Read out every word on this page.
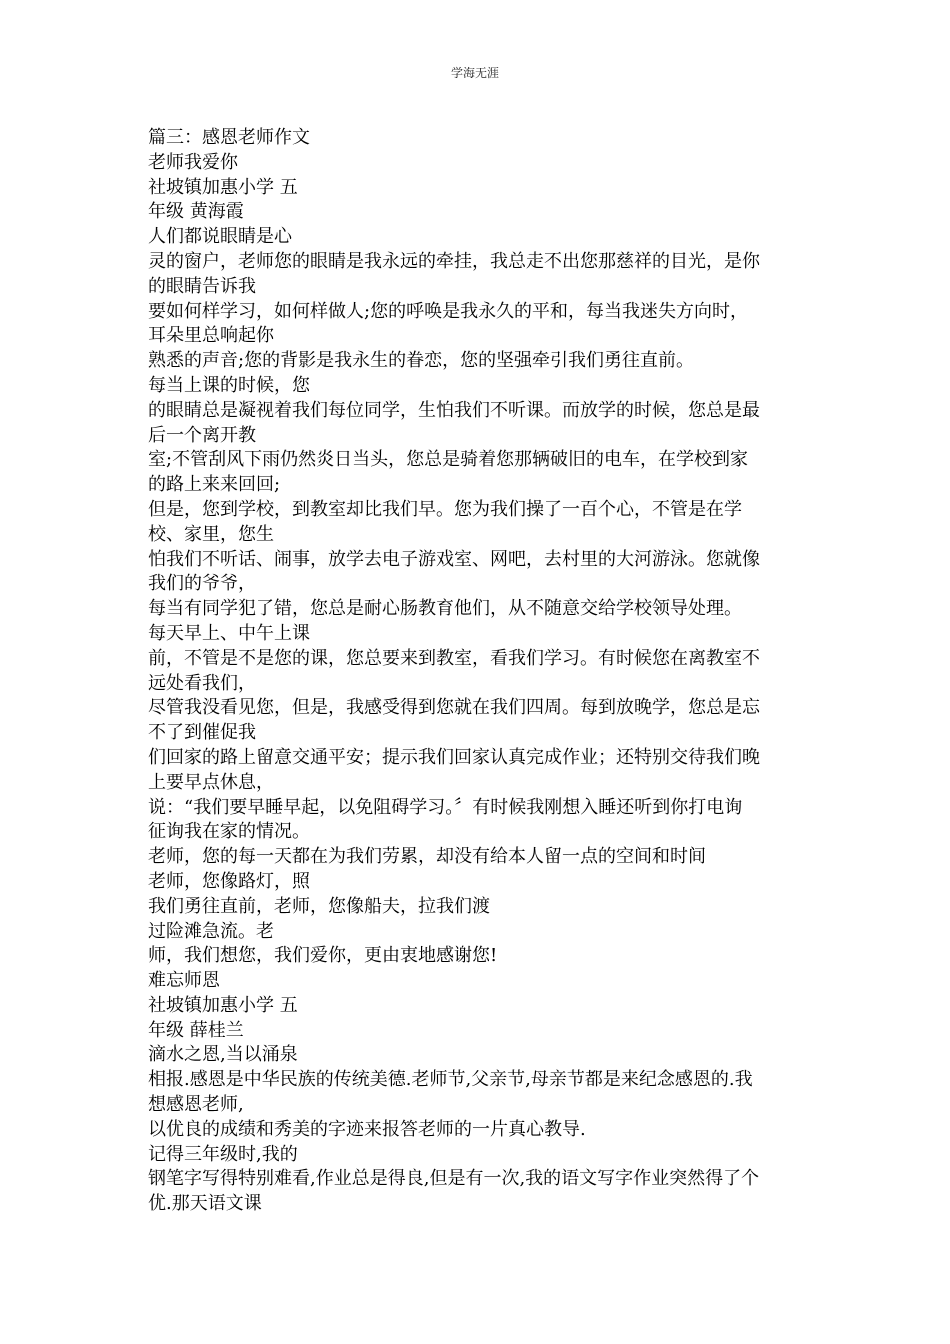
学海无涯
篇三：感恩老师作文
老师我爱你
社坡镇加惠小学 五
年级 黄海霞
人们都说眼睛是心
灵的窗户，老师您的眼睛是我永远的牵挂，我总走不出您那慈祥的目光，是你
的眼睛告诉我
要如何样学习，如何样做人;您的呼唤是我永久的平和，每当我迷失方向时，
耳朵里总响起你
熟悉的声音;您的背影是我永生的眷恋，您的坚强牵引我们勇往直前。
每当上课的时候，您
的眼睛总是凝视着我们每位同学，生怕我们不听课。而放学的时候，您总是最
后一个离开教
室;不管刮风下雨仍然炎日当头，您总是骑着您那辆破旧的电车，在学校到家
的路上来来回回;
但是，您到学校，到教室却比我们早。您为我们操了一百个心，不管是在学
校、家里，您生
怕我们不听话、闹事，放学去电子游戏室、网吧，去村里的大河游泳。您就像
我们的爷爷，
每当有同学犯了错，您总是耐心肠教育他们，从不随意交给学校领导处理。
每天早上、中午上课
前，不管是不是您的课，您总要来到教室，看我们学习。有时候您在离教室不
远处看我们，
尽管我没看见您，但是，我感受得到您就在我们四周。每到放晚学，您总是忘
不了到催促我
们回家的路上留意交通平安；提示我们回家认真完成作业；还特别交待我们晚
上要早点休息，
说：“我们要早睡早起，以免阻碍学习。〞有时候我刚想入睡还听到你打电询
征询我在家的情况。
老师，您的每一天都在为我们劳累，却没有给本人留一点的空间和时间
老师，您像路灯，照
我们勇往直前，老师，您像船夫，拉我们渡
过险滩急流。老
师，我们想您，我们爱你，更由衷地感谢您!
难忘师恩
社坡镇加惠小学 五
年级 薛桂兰
滴水之恩,当以涌泉
相报.感恩是中华民族的传统美德.老师节,父亲节,母亲节都是来纪念感恩的.我
想感恩老师,
以优良的成绩和秀美的字迹来报答老师的一片真心教导.
记得三年级时,我的
钢笔字写得特别难看,作业总是得良,但是有一次,我的语文写字作业突然得了个
优.那天语文课
